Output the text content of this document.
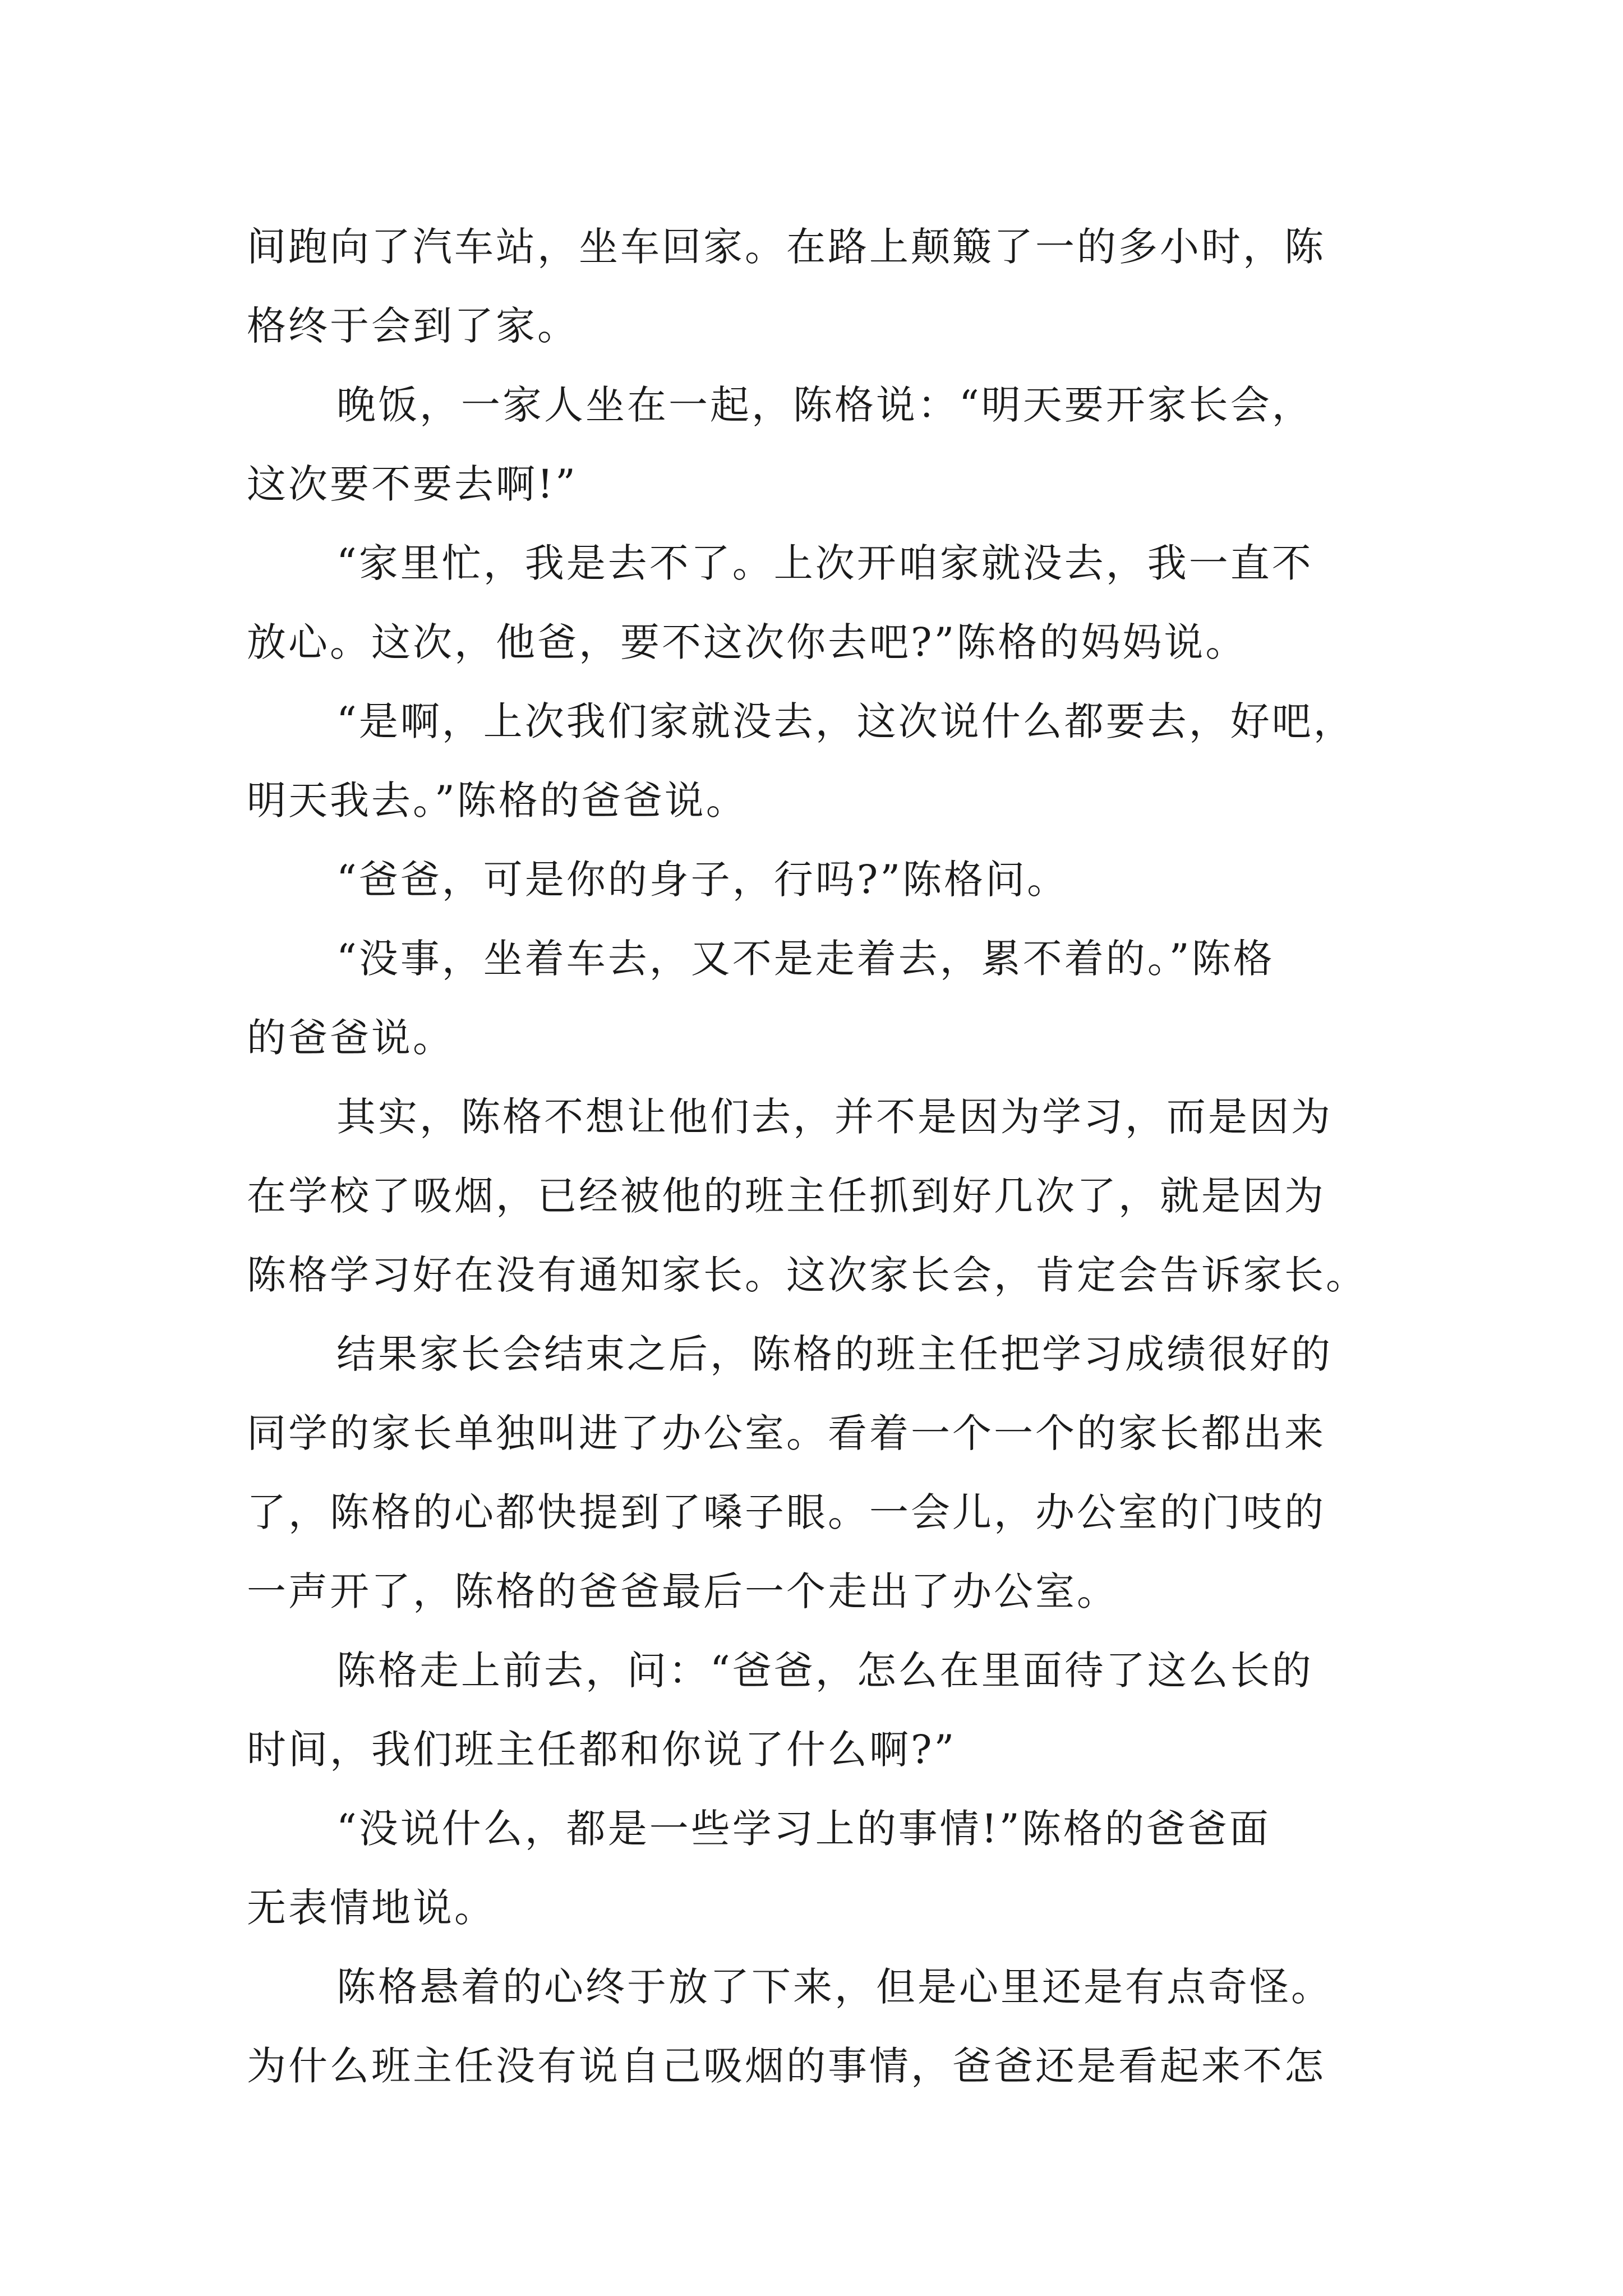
间跑向了汽车站，坐车回家。在路上颠簸了一的多小时，陈
格终于会到了家。
晚饭，一家人坐在一起，陈格说：“明天要开家长会，
这次要不要去啊!”
“家里忙，我是去不了。上次开咱家就没去，我一直不
放心。这次，他爸，要不这次你去吧?”陈格的妈妈说。
“是啊，上次我们家就没去，这次说什么都要去，好吧，
明天我去。”陈格的爸爸说。
“爸爸，可是你的身子，行吗?”陈格问。
“没事，坐着车去，又不是走着去，累不着的。”陈格
的爸爸说。
其实，陈格不想让他们去，并不是因为学习，而是因为
在学校了吸烟，已经被他的班主任抓到好几次了，就是因为
陈格学习好在没有通知家长。这次家长会，肯定会告诉家长。
结果家长会结束之后，陈格的班主任把学习成绩很好的
同学的家长单独叫进了办公室。看着一个一个的家长都出来
了，陈格的心都快提到了嗓子眼。一会儿，办公室的门吱的
一声开了，陈格的爸爸最后一个走出了办公室。
陈格走上前去，问：“爸爸，怎么在里面待了这么长的
时间，我们班主任都和你说了什么啊?”
“没说什么，都是一些学习上的事情!”陈格的爸爸面
无表情地说。
陈格悬着的心终于放了下来，但是心里还是有点奇怪。
为什么班主任没有说自己吸烟的事情，爸爸还是看起来不怎
